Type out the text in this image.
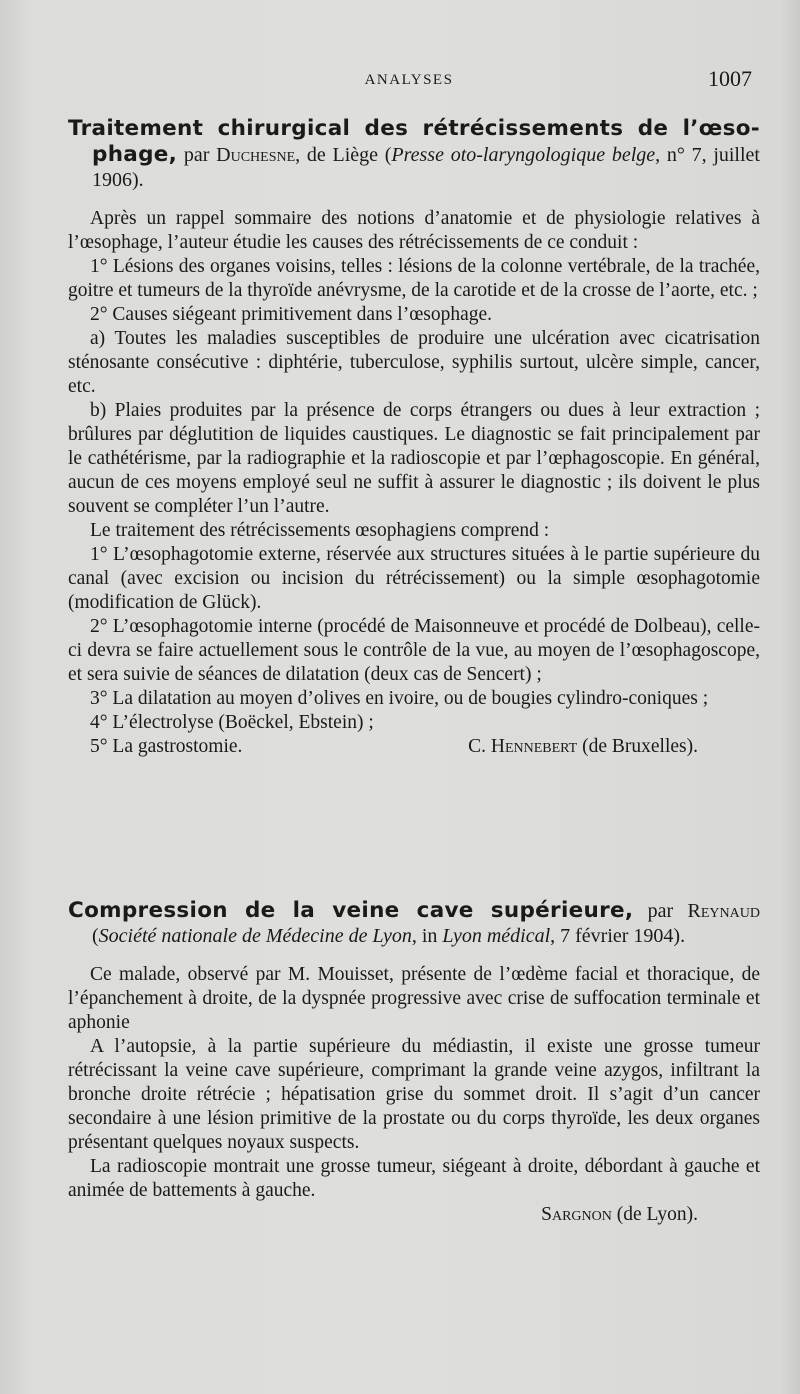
ANALYSES	1007
Traitement chirurgical des rétrécissements de l’œso-phage, par Duchesne, de Liège (Presse oto-laryngologique belge, n° 7, juillet 1906).

Après un rappel sommaire des notions d’anatomie et de physiologie relatives à l’œsophage, l’auteur étudie les causes des rétrécissements de ce conduit :

1° Lésions des organes voisins, telles : lésions de la colonne vertébrale, de la trachée, goitre et tumeurs de la thyroïde anévrysme, de la carotide et de la crosse de l’aorte, etc. ;

2° Causes siégeant primitivement dans l’œsophage.

a) Toutes les maladies susceptibles de produire une ulcération avec cicatrisation sténosante consécutive : diphtérie, tuberculose, syphilis surtout, ulcère simple, cancer, etc.

b) Plaies produites par la présence de corps étrangers ou dues à leur extraction ; brûlures par déglutition de liquides caustiques. Le diagnostic se fait principalement par le cathétérisme, par la radiographie et la radioscopie et par l’œphagoscopie. En général, aucun de ces moyens employé seul ne suffit à assurer le diagnostic ; ils doivent le plus souvent se compléter l’un l’autre.

Le traitement des rétrécissements œsophagiens comprend :

1° L’œsophagotomie externe, réservée aux structures situées à le partie supérieure du canal (avec excision ou incision du rétrécissement) ou la simple œsophagotomie (modification de Glück).

2° L’œsophagotomie interne (procédé de Maisonneuve et procédé de Dolbeau), celle-ci devra se faire actuellement sous le contrôle de la vue, au moyen de l’œsophagoscope, et sera suivie de séances de dilatation (deux cas de Sencert) ;

3° La dilatation au moyen d’olives en ivoire, ou de bougies cylindro-coniques ;

4° L’électrolyse (Boëckel, Ebstein) ;

5° La gastrostomie.	C. Hennebert (de Bruxelles).
Compression de la veine cave supérieure, par Reynaud (Société nationale de Médecine de Lyon, in Lyon médical, 7 février 1904).

Ce malade, observé par M. Mouisset, présente de l’œdème facial et thoracique, de l’épanchement à droite, de la dyspnée progressive avec crise de suffocation terminale et aphonie

A l’autopsie, à la partie supérieure du médiastin, il existe une grosse tumeur rétrécissant la veine cave supérieure, comprimant la grande veine azygos, infiltrant la bronche droite rétrécie ; hépatisation grise du sommet droit. Il s’agit d’un cancer secondaire à une lésion primitive de la prostate ou du corps thyroïde, les deux organes présentant quelques noyaux suspects.

La radioscopie montrait une grosse tumeur, siégeant à droite, débordant à gauche et animée de battements à gauche.

Sargnon (de Lyon).
